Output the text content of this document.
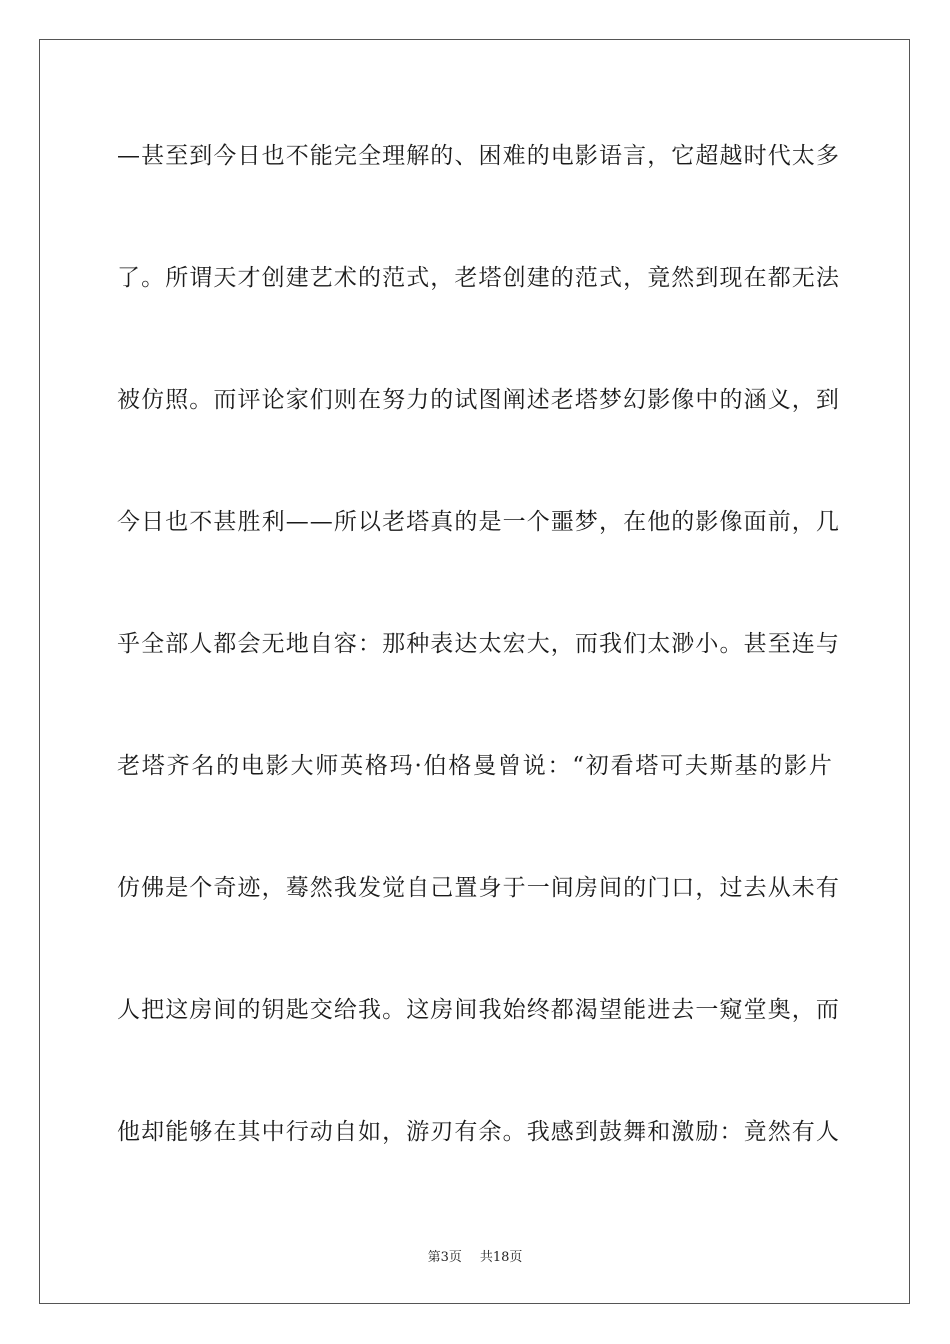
—甚至到今日也不能完全理解的、困难的电影语言，它超越时代太多
了。所谓天才创建艺术的范式，老塔创建的范式，竟然到现在都无法
被仿照。而评论家们则在努力的试图阐述老塔梦幻影像中的涵义，到
今日也不甚胜利——所以老塔真的是一个噩梦，在他的影像面前，几
乎全部人都会无地自容：那种表达太宏大，而我们太渺小。甚至连与
老塔齐名的电影大师英格玛·伯格曼曾说：“初看塔可夫斯基的影片
仿佛是个奇迹，蓦然我发觉自己置身于一间房间的门口，过去从未有
人把这房间的钥匙交给我。这房间我始终都渴望能进去一窥堂奥，而
他却能够在其中行动自如，游刃有余。我感到鼓舞和激励：竟然有人
第3页 共18页
